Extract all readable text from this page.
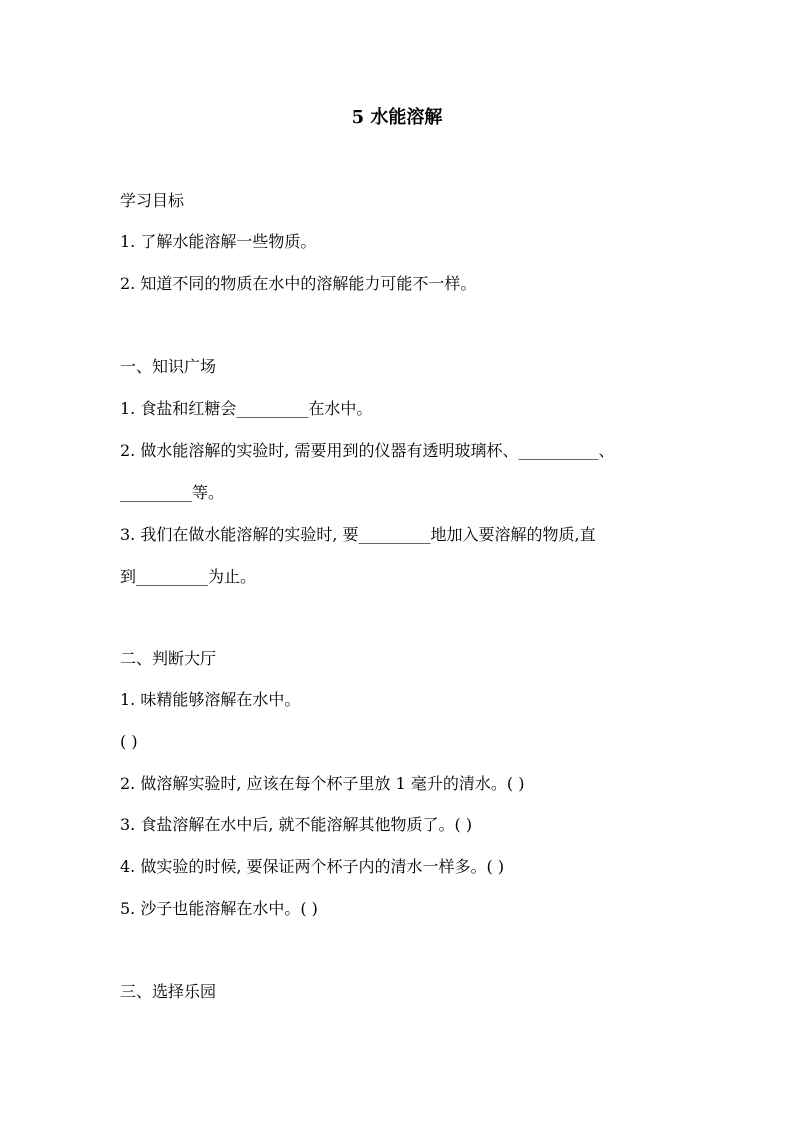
5 水能溶解
学习目标
1. 了解水能溶解一些物质。
2. 知道不同的物质在水中的溶解能力可能不一样。
一、知识广场
1. 食盐和红糖会_________在水中。
2. 做水能溶解的实验时, 需要用到的仪器有透明玻璃杯、__________、
_________等。
3. 我们在做水能溶解的实验时, 要_________地加入要溶解的物质,直
到_________为止。
二、判断大厅
1. 味精能够溶解在水中。
( )
2. 做溶解实验时, 应该在每个杯子里放 1 毫升的清水。( )
3. 食盐溶解在水中后, 就不能溶解其他物质了。( )
4. 做实验的时候, 要保证两个杯子内的清水一样多。( )
5. 沙子也能溶解在水中。( )
三、选择乐园
